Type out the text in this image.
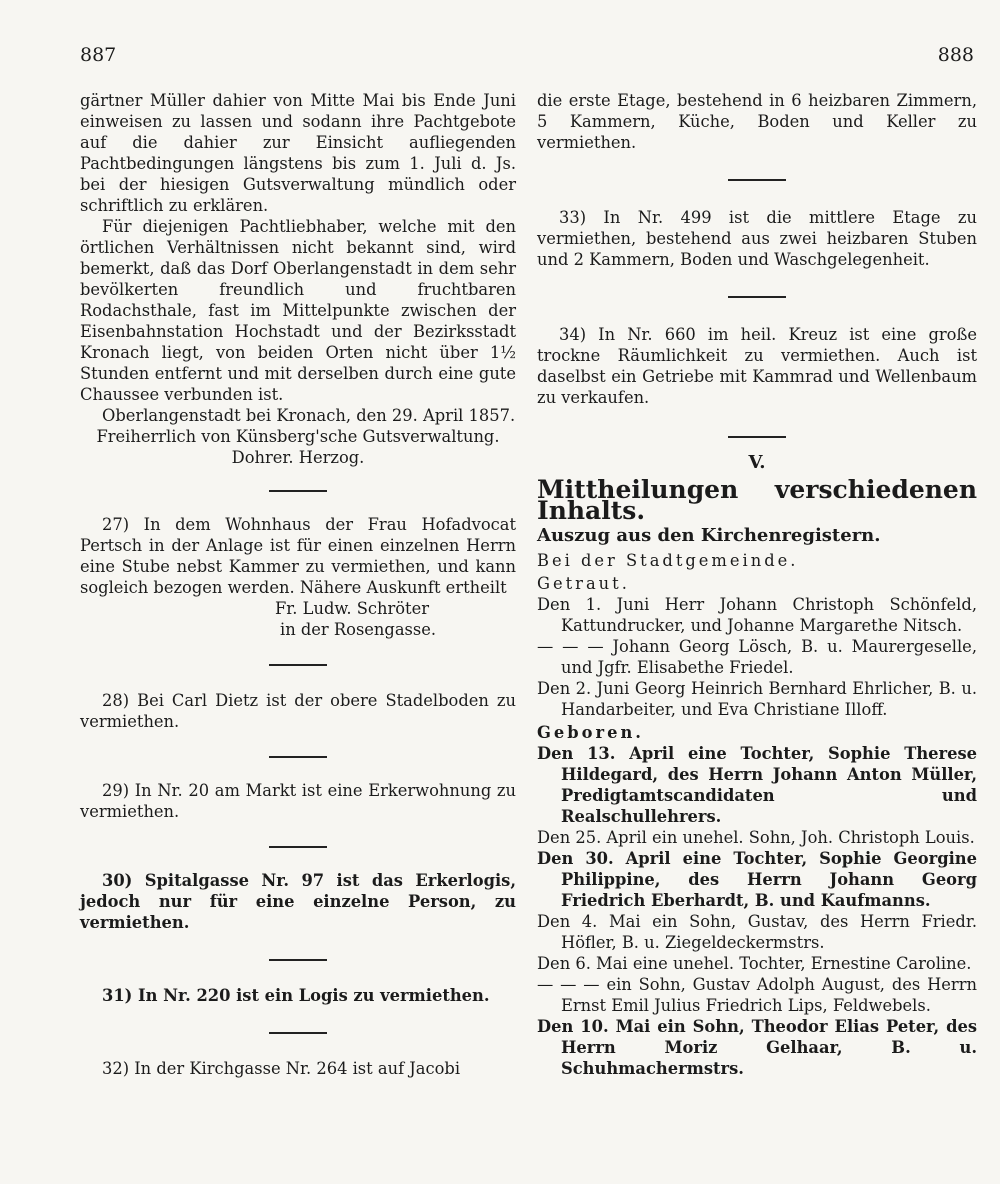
887	888

gärtner Müller dahier von Mitte Mai bis Ende Juni einweisen zu lassen und sodann ihre Pachtgebote auf die dahier zur Einsicht aufliegenden Pachtbedingungen längstens bis zum 1. Juli d. Js. bei der hiesigen Gutsverwaltung mündlich oder schriftlich zu erklären.

Für diejenigen Pachtliebhaber, welche mit den örtlichen Verhältnissen nicht bekannt sind, wird bemerkt, daß das Dorf Oberlangenstadt in dem sehr bevölkerten freundlich und fruchtbaren Rodachsthale, fast im Mittelpunkte zwischen der Eisenbahnstation Hochstadt und der Bezirksstadt Kronach liegt, von beiden Orten nicht über 1½ Stunden entfernt und mit derselben durch eine gute Chaussee verbunden ist.

Oberlangenstadt bei Kronach, den 29. April 1857.

Freiherrlich von Künsberg'sche Gutsverwaltung.

Dohrer. Herzog.

27) In dem Wohnhaus der Frau Hofadvocat Pertsch in der Anlage ist für einen einzelnen Herrn eine Stube nebst Kammer zu vermiethen, und kann sogleich bezogen werden. Nähere Auskunft ertheilt

Fr. Ludw. Schröter

in der Rosengasse.

28) Bei Carl Dietz ist der obere Stadelboden zu vermiethen.

29) In Nr. 20 am Markt ist eine Erkerwohnung zu vermiethen.

30) Spitalgasse Nr. 97 ist das Erkerlogis, jedoch nur für eine einzelne Person, zu vermiethen.

31) In Nr. 220 ist ein Logis zu vermiethen.

32) In der Kirchgasse Nr. 264 ist auf Jacobi

die erste Etage, bestehend in 6 heizbaren Zimmern, 5 Kammern, Küche, Boden und Keller zu vermiethen.

33) In Nr. 499 ist die mittlere Etage zu vermiethen, bestehend aus zwei heizbaren Stuben und 2 Kammern, Boden und Waschgelegenheit.

34) In Nr. 660 im heil. Kreuz ist eine große trockne Räumlichkeit zu vermiethen. Auch ist daselbst ein Getriebe mit Kammrad und Wellenbaum zu verkaufen.

V.

Mittheilungen verschiedenen Inhalts.

Auszug aus den Kirchenregistern.

Bei der Stadtgemeinde.

Getraut.

Den 1. Juni Herr Johann Christoph Schönfeld, Kattundrucker, und Johanne Margarethe Nitsch.

— — — Johann Georg Lösch, B. u. Maurergeselle, und Jgfr. Elisabethe Friedel.

Den 2. Juni Georg Heinrich Bernhard Ehrlicher, B. u. Handarbeiter, und Eva Christiane Illoff.

Geboren.

Den 13. April eine Tochter, Sophie Therese Hildegard, des Herrn Johann Anton Müller, Predigtamtscandidaten und Realschullehrers.

Den 25. April ein unehel. Sohn, Joh. Christoph Louis.

Den 30. April eine Tochter, Sophie Georgine Philippine, des Herrn Johann Georg Friedrich Eberhardt, B. und Kaufmanns.

Den 4. Mai ein Sohn, Gustav, des Herrn Friedr. Höfler, B. u. Ziegeldeckermstrs.

Den 6. Mai eine unehel. Tochter, Ernestine Caroline.

— — — ein Sohn, Gustav Adolph August, des Herrn Ernst Emil Julius Friedrich Lips, Feldwebels.

Den 10. Mai ein Sohn, Theodor Elias Peter, des Herrn Moriz Gelhaar, B. u. Schuhmachermstrs.
